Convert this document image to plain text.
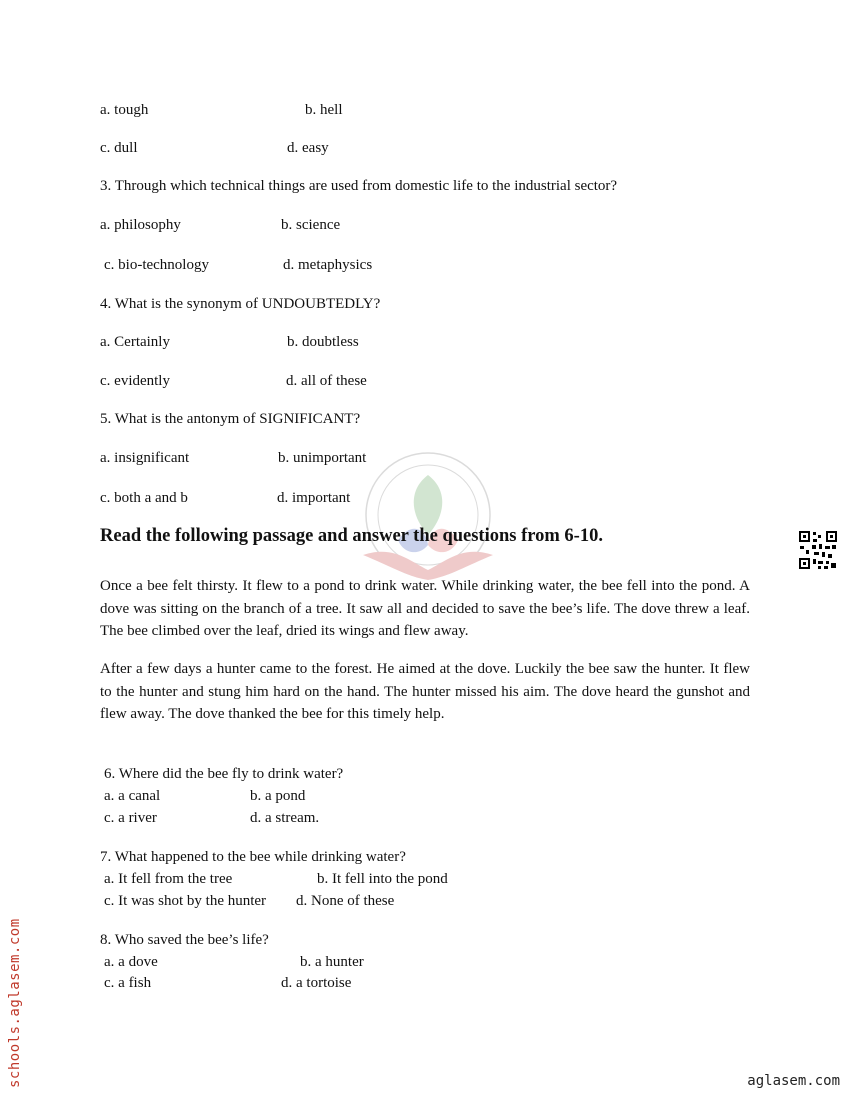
a. tough	b. hell
c. dull	d. easy
3. Through which technical things are used from domestic life to the industrial sector?
a. philosophy	b. science
c. bio-technology	d. metaphysics
4. What is the synonym of UNDOUBTEDLY?
a. Certainly	b. doubtless
c. evidently	d. all of these
5. What is the antonym of SIGNIFICANT?
a. insignificant	b. unimportant
c. both a and b	d. important
Read the following passage and answer the questions from 6-10.
Once a bee felt thirsty. It flew to a pond to drink water. While drinking water, the bee fell into the pond. A dove was sitting on the branch of a tree. It saw all and decided to save the bee’s life. The dove threw a leaf. The bee climbed over the leaf, dried its wings and flew away.
After a few days a hunter came to the forest. He aimed at the dove. Luckily the bee saw the hunter. It flew to the hunter and stung him hard on the hand. The hunter missed his aim. The dove heard the gunshot and flew away. The dove thanked the bee for this timely help.
6. Where did the bee fly to drink water?
a. a canal	b. a pond
c. a river	d. a stream.
7. What happened to the bee while drinking water?
a. It fell from the tree	b. It fell into the pond
c. It was shot by the hunter d. None of these
8. Who saved the bee’s life?
a. a dove	b. a hunter
c. a fish	d. a tortoise
schools.aglasem.com	aglasem.com
